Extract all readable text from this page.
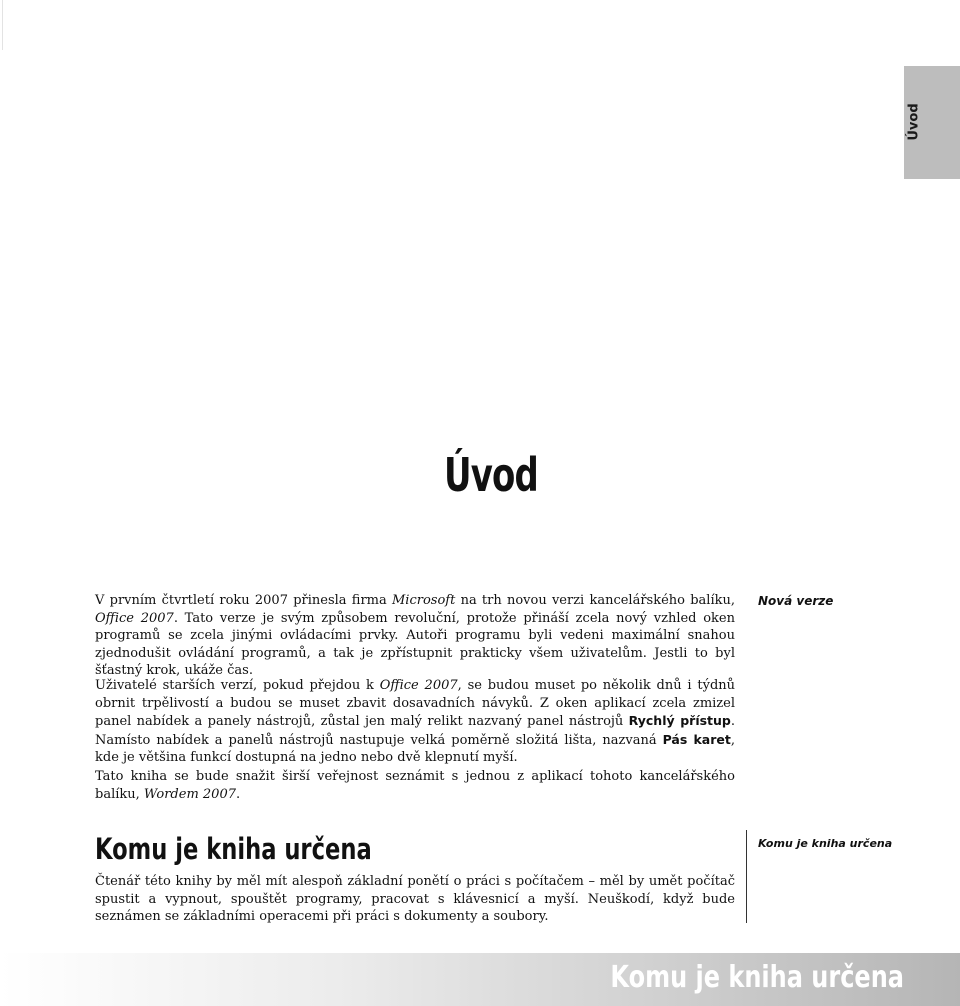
Úvod
Úvod

V prvním čtvrtletí roku 2007 přinesla firma Microsoft na trh novou verzi kancelářského balíku, Office 2007. Tato verze je svým způsobem revoluční, protože přináší zcela nový vzhled oken programů se zcela jinými ovládacími prvky. Autoři programu byli vedeni maximální snahou zjednodušit ovládání programů, a tak je zpřístupnit prakticky všem uživatelům. Jestli to byl šťastný krok, ukáže čas.

Nová verze

Uživatelé starších verzí, pokud přejdou k Office 2007, se budou muset po několik dnů i týdnů obrnit trpělivostí a budou se muset zbavit dosavadních návyků. Z oken aplikací zcela zmizel panel nabídek a panely nástrojů, zůstal jen malý relikt nazvaný panel nástrojů Rychlý přístup. Namísto nabídek a panelů nástrojů nastupuje velká poměrně složitá lišta, nazvaná Pás karet, kde je většina funkcí dostupná na jedno nebo dvě klepnutí myší.

Tato kniha se bude snažit širší veřejnost seznámit s jednou z aplikací tohoto kancelářského balíku, Wordem 2007.

Komu je kniha určena	Komu je kniha určena

Čtenář této knihy by měl mít alespoň základní ponětí o práci s počítačem – měl by umět počítač spustit a vypnout, spouštět programy, pracovat s klávesnicí a myší. Neuškodí, když bude seznámen se základními operacemi při práci s dokumenty a soubory.

Komu je kniha určena
